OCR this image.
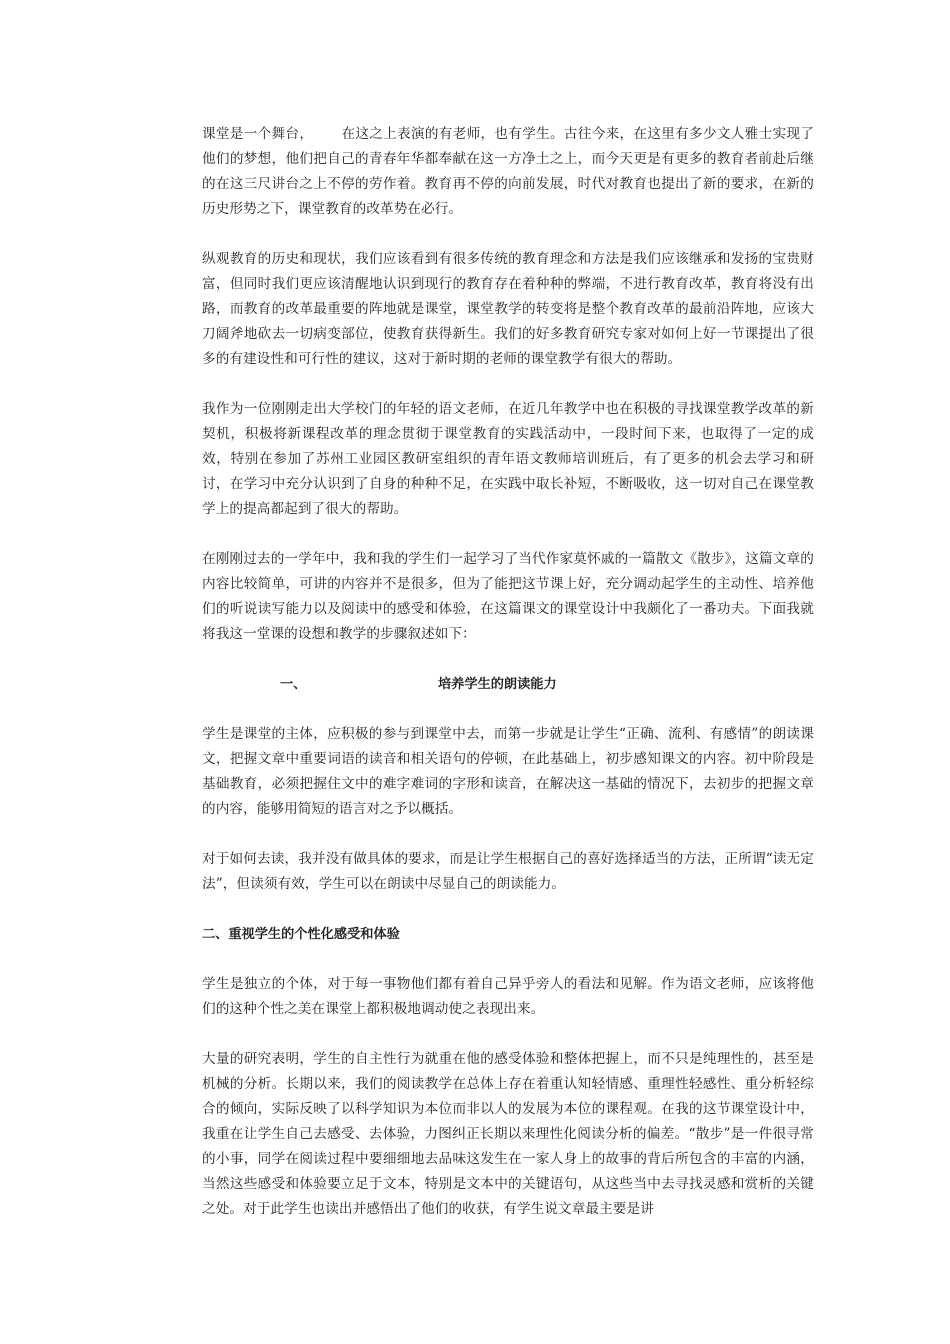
课堂是一个舞台， 在这之上表演的有老师，也有学生。古往今来，在这里有多少文人雅士实现了他们的梦想，他们把自己的青春年华都奉献在这一方净土之上，而今天更是有更多的教育者前赴后继的在这三尺讲台之上不停的劳作着。教育再不停的向前发展，时代对教育也提出了新的要求，在新的历史形势之下，课堂教育的改革势在必行。

纵观教育的历史和现状，我们应该看到有很多传统的教育理念和方法是我们应该继承和发扬的宝贵财富，但同时我们更应该清醒地认识到现行的教育存在着种种的弊端，不进行教育改革，教育将没有出路，而教育的改革最重要的阵地就是课堂，课堂教学的转变将是整个教育改革的最前沿阵地，应该大刀阔斧地砍去一切病变部位，使教育获得新生。我们的好多教育研究专家对如何上好一节课提出了很多的有建设性和可行性的建议，这对于新时期的老师的课堂教学有很大的帮助。

我作为一位刚刚走出大学校门的年轻的语文老师，在近几年教学中也在积极的寻找课堂教学改革的新契机，积极将新课程改革的理念贯彻于课堂教育的实践活动中，一段时间下来，也取得了一定的成效，特别在参加了苏州工业园区教研室组织的青年语文教师培训班后，有了更多的机会去学习和研讨，在学习中充分认识到了自身的种种不足，在实践中取长补短，不断吸收，这一切对自己在课堂教学上的提高都起到了很大的帮助。

在刚刚过去的一学年中，我和我的学生们一起学习了当代作家莫怀戚的一篇散文《散步》，这篇文章的内容比较简单，可讲的内容并不是很多，但为了能把这节课上好，充分调动起学生的主动性、培养他们的听说读写能力以及阅读中的感受和体验，在这篇课文的课堂设计中我颇化了一番功夫。下面我就将我这一堂课的设想和教学的步骤叙述如下：

一、	培养学生的朗读能力

学生是课堂的主体，应积极的参与到课堂中去，而第一步就是让学生“正确、流利、有感情”的朗读课文，把握文章中重要词语的读音和相关语句的停顿，在此基础上，初步感知课文的内容。初中阶段是基础教育，必须把握住文中的难字难词的字形和读音，在解决这一基础的情况下，去初步的把握文章的内容，能够用简短的语言对之予以概括。

对于如何去读，我并没有做具体的要求，而是让学生根据自己的喜好选择适当的方法，正所谓“读无定法”，但读须有效，学生可以在朗读中尽显自己的朗读能力。

二、重视学生的个性化感受和体验

学生是独立的个体，对于每一事物他们都有着自己异乎旁人的看法和见解。作为语文老师，应该将他们的这种个性之美在课堂上都积极地调动使之表现出来。

大量的研究表明，学生的自主性行为就重在他的感受体验和整体把握上，而不只是纯理性的，甚至是机械的分析。长期以来，我们的阅读教学在总体上存在着重认知轻情感、重理性轻感性、重分析轻综合的倾向，实际反映了以科学知识为本位而非以人的发展为本位的课程观。在我的这节课堂设计中，我重在让学生自己去感受、去体验，力图纠正长期以来理性化阅读分析的偏差。“散步”是一件很寻常的小事，同学在阅读过程中要细细地去品味这发生在一家人身上的故事的背后所包含的丰富的内涵，当然这些感受和体验要立足于文本，特别是文本中的关键语句，从这些当中去寻找灵感和赏析的关键之处。对于此学生也读出并感悟出了他们的收获，有学生说文章最主要是讲
